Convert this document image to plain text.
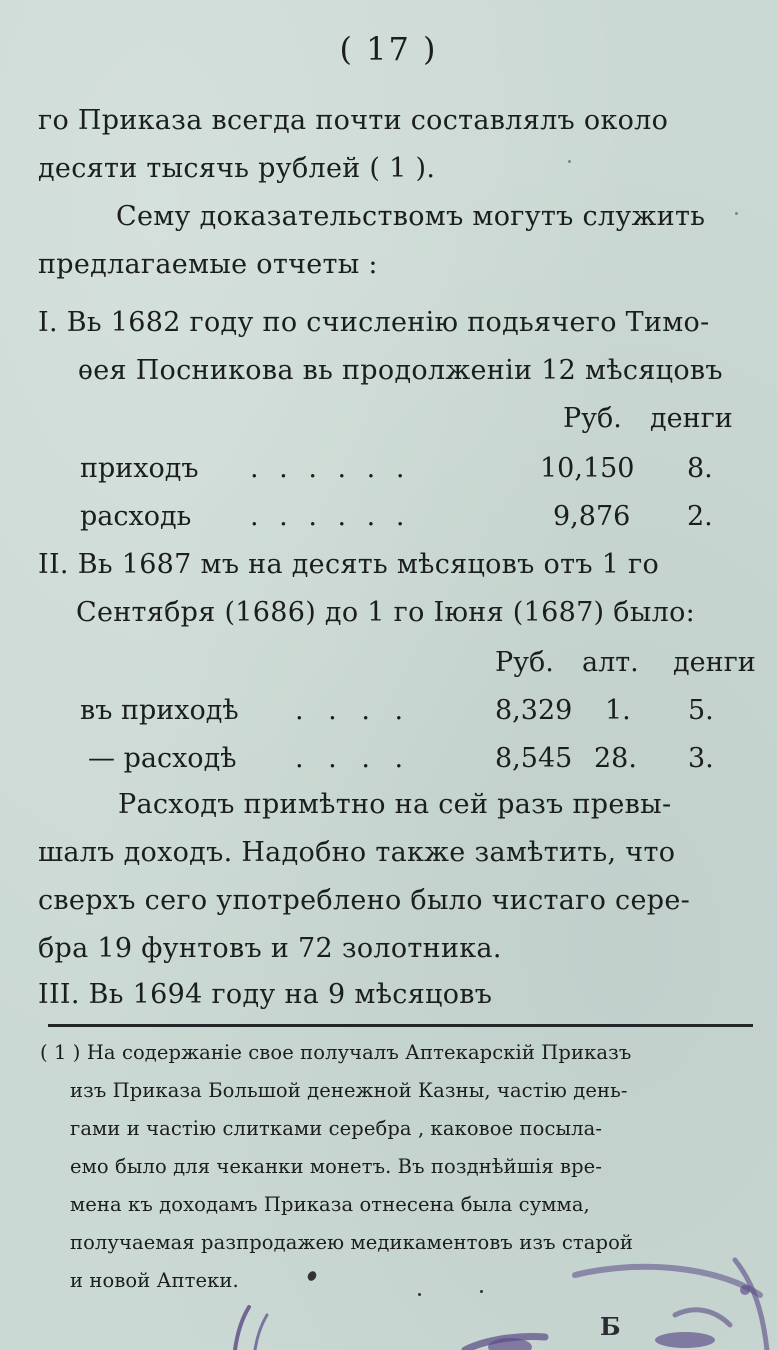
( 17 )
го Приказа всегда почти составлялъ около
десяти тысячь рублей ( 1 ).
Сему доказательствомъ могутъ служить
предлагаемые отчеты :
I. Вь 1682 году по счисленію подьячего Тимо-
ѳея Посникова вь продолженіи 12 мѣсяцовъ
Руб. денги
приходъ . . . . . .	10,150 8.
расходь . . . . . .	9,876 2.
II. Вь 1687 мъ на десять мѣсяцовъ отъ 1 го
Сентября (1686) до 1 го Іюня (1687) было:
Руб. алт. денги
въ приходѣ . . . .	8,329 1. 5.
— расходѣ . . . .	8,545 28. 3.
Расходъ примѣтно на сей разъ превы-
шалъ доходъ. Надобно также замѣтить, что
сверхъ сего употреблено было чистаго сере-
бра 19 фунтовъ и 72 золотника.
III. Вь 1694 году на 9 мѣсяцовъ
( 1 ) На содержаніе свое получалъ Аптекарскій Приказъ
изъ Приказа Большой денежной Казны, частію день-
гами и частію слитками серебра , каковое посыла-
емо было для чеканки монетъ. Въ позднѣйшія вре-
мена къ доходамъ Приказа отнесена была сумма,
получаемая разпродажею медикаментовъ изъ старой
и новой Аптеки.
Б
